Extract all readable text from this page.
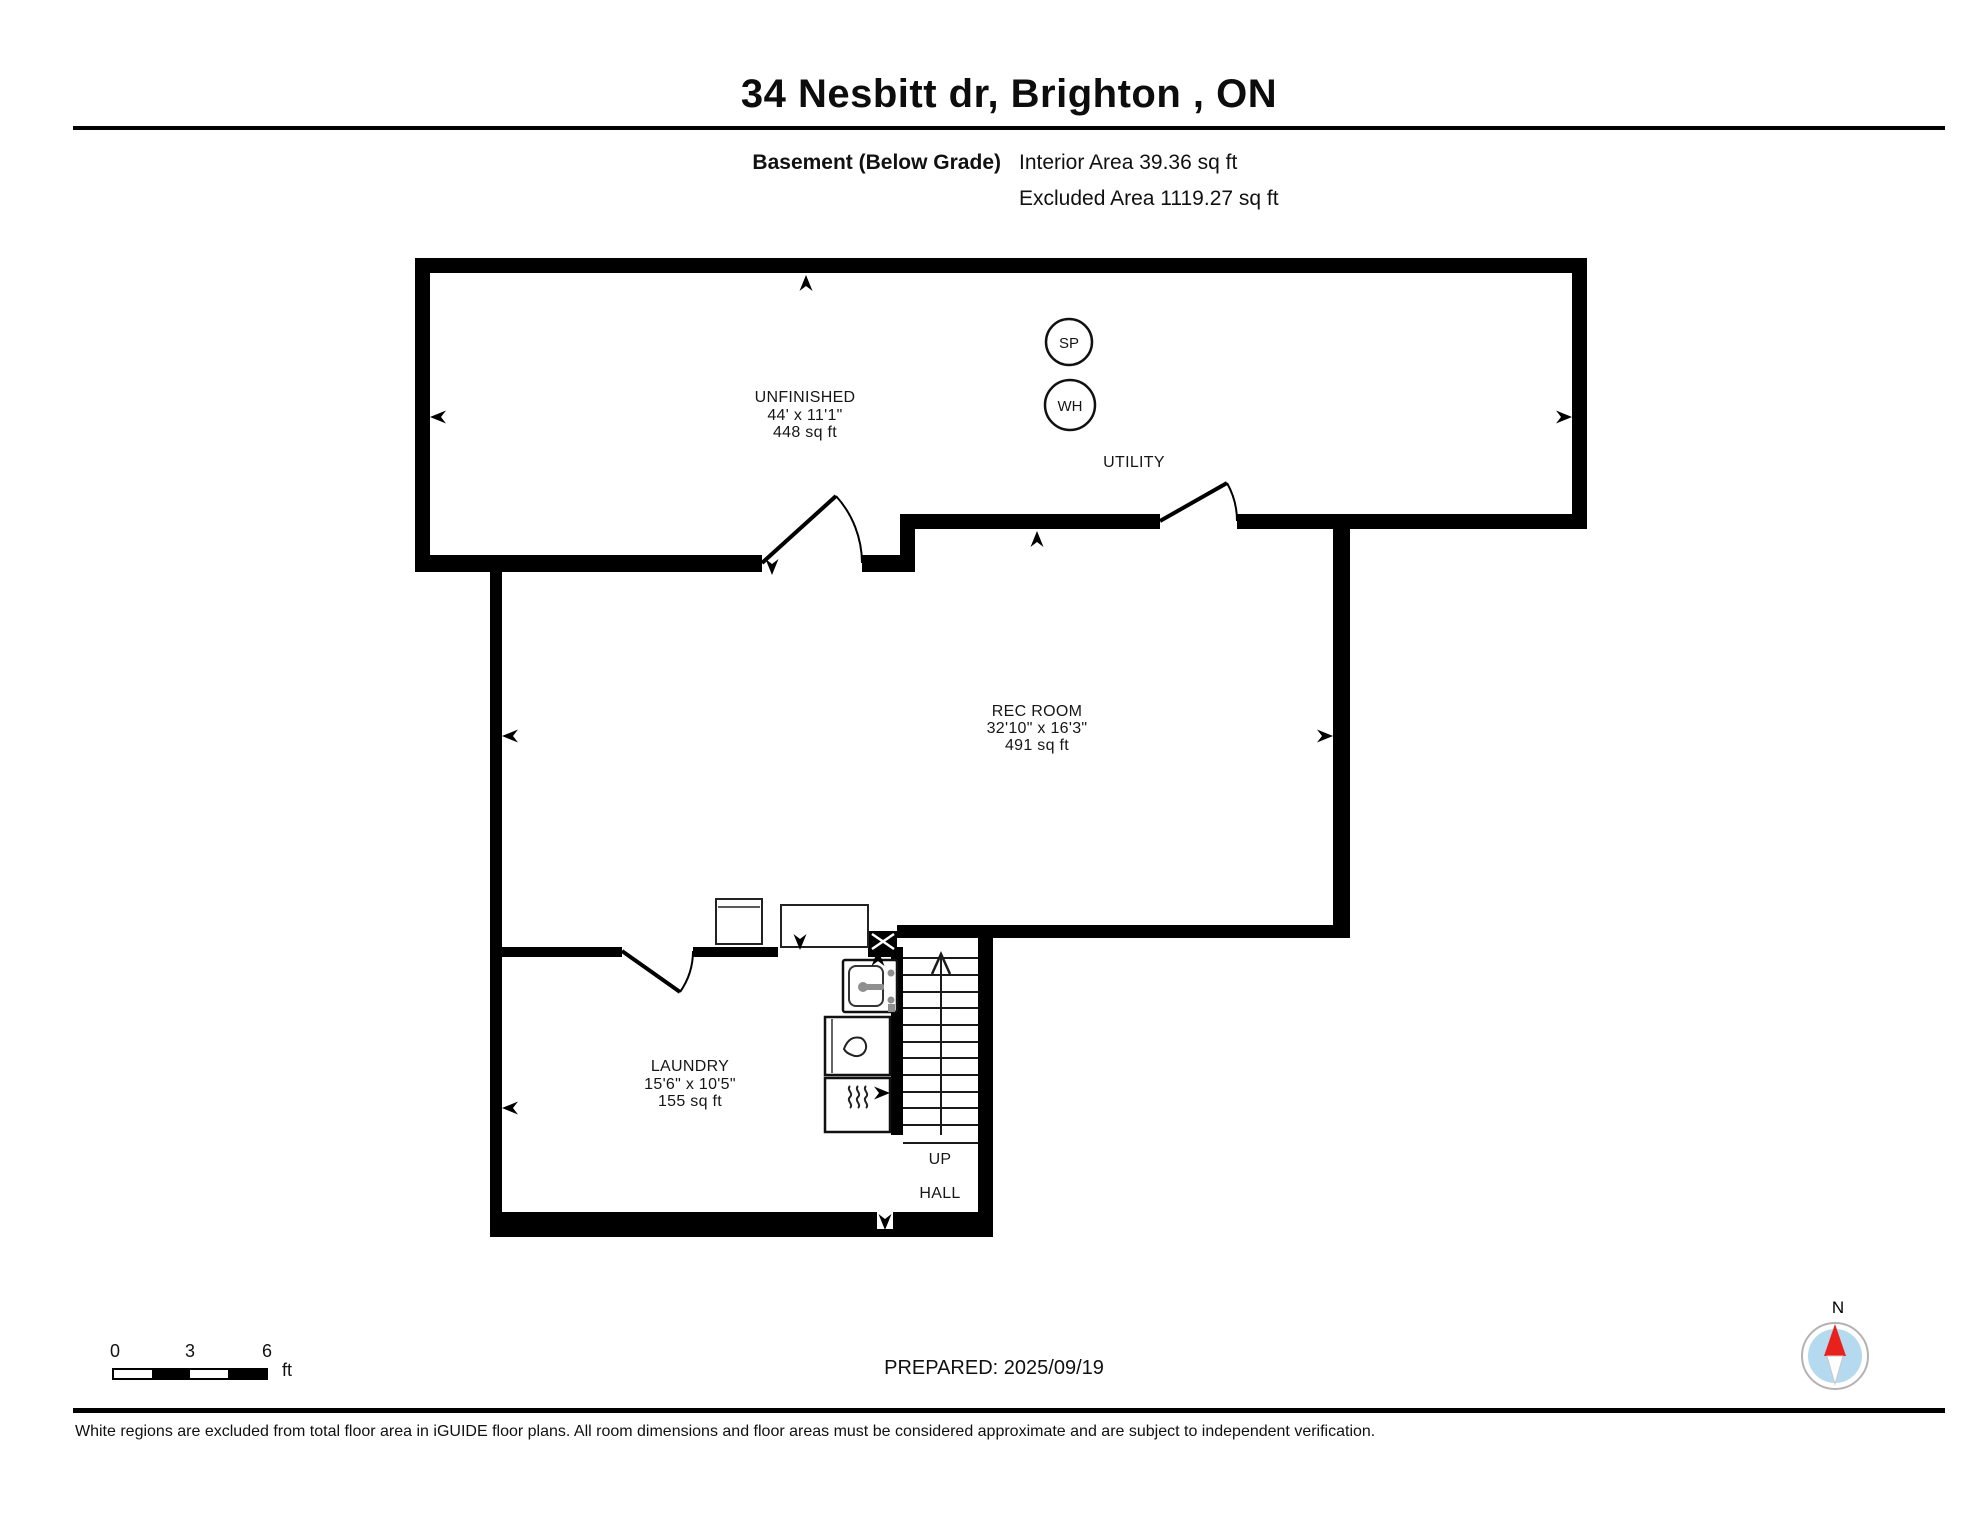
34 Nesbitt dr, Brighton , ON
Basement (Below Grade) Interior Area 39.36 sq ft
Excluded Area 1119.27 sq ft
SP
WH
UNFINISHED
44' x 11'1"
448 sq ft
UTILITY
REC ROOM
32'10" x 16'3"
491 sq ft
LAUNDRY
15'6" x 10'5"
155 sq ft
UP
HALL
0	3	6
ft	PREPARED: 2025/09/19
N
White regions are excluded from total floor area in iGUIDE floor plans. All room dimensions and floor areas must be considered approximate and are subject to independent verification.
